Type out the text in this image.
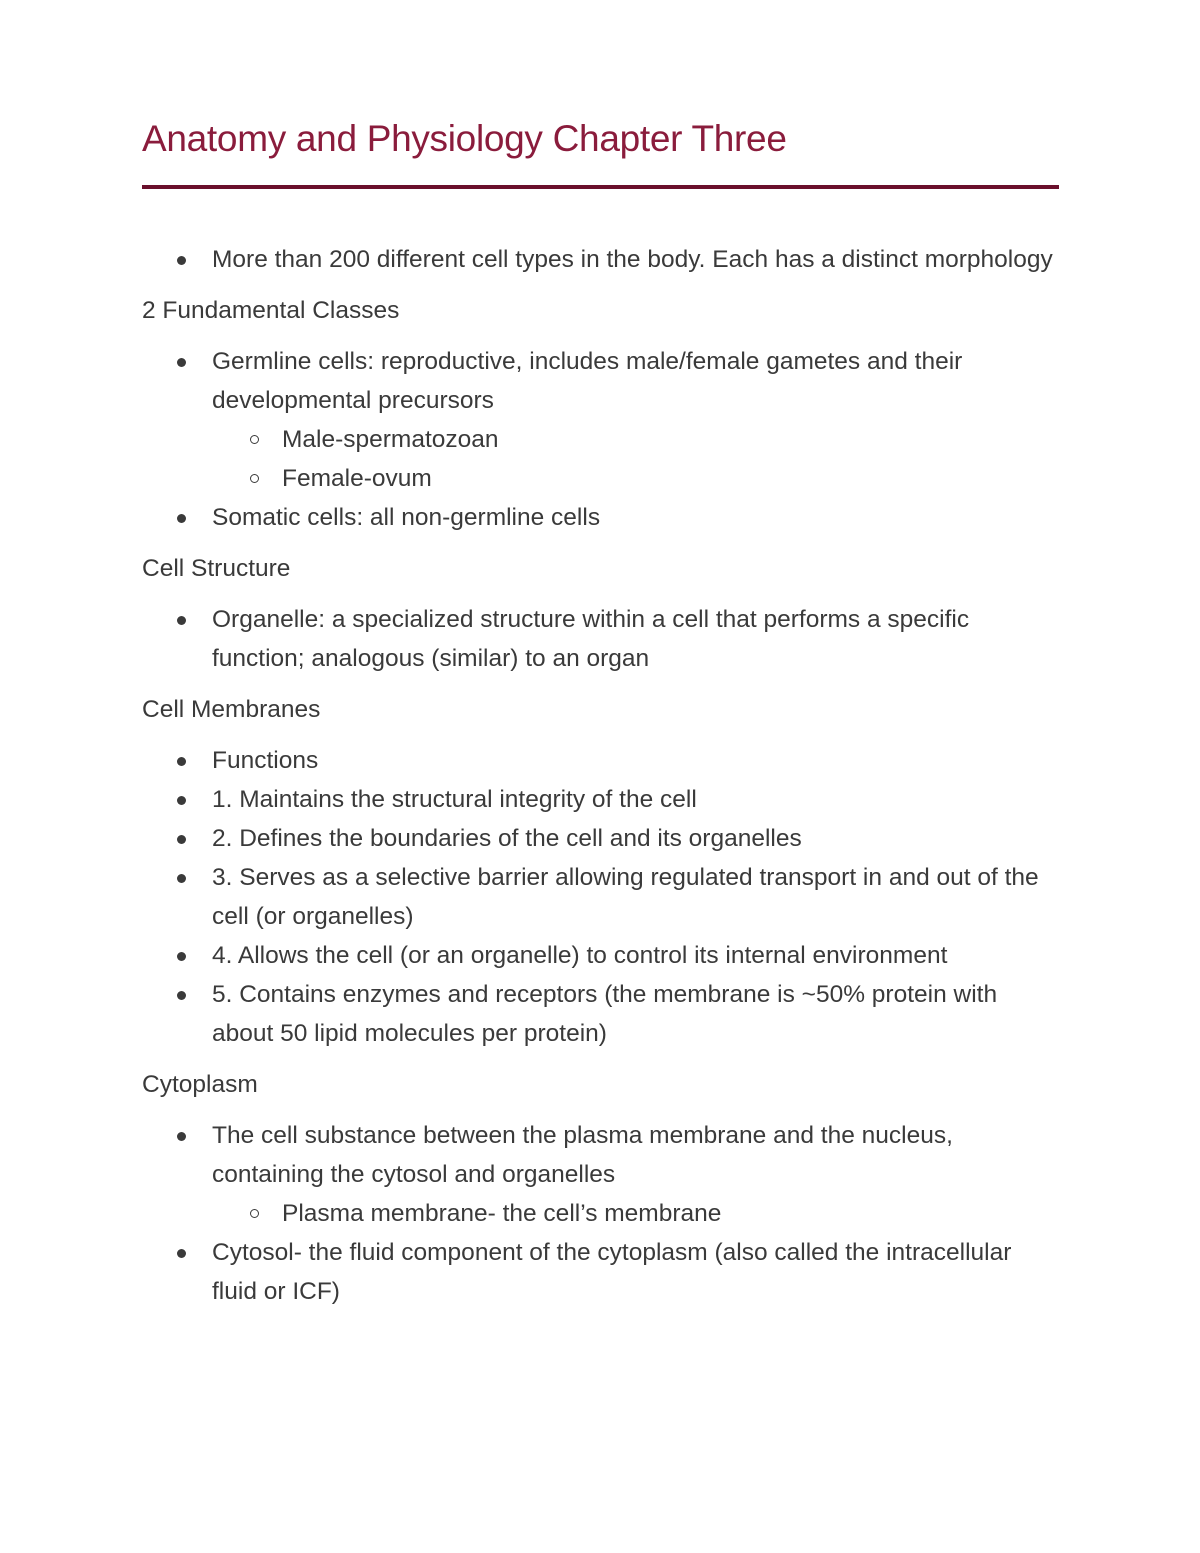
Anatomy and Physiology Chapter Three
More than 200 different cell types in the body. Each has a distinct morphology

2 Fundamental Classes

Germline cells: reproductive, includes male/female gametes and their developmental precursors
Male-spermatozoan
Female-ovum
Somatic cells: all non-germline cells

Cell Structure

Organelle: a specialized structure within a cell that performs a specific function; analogous (similar) to an organ

Cell Membranes

Functions
1. Maintains the structural integrity of the cell
2. Defines the boundaries of the cell and its organelles
3. Serves as a selective barrier allowing regulated transport in and out of the cell (or organelles)
4. Allows the cell (or an organelle) to control its internal environment
5. Contains enzymes and receptors (the membrane is ~50% protein with about 50 lipid molecules per protein)

Cytoplasm

The cell substance between the plasma membrane and the nucleus, containing the cytosol and organelles
Plasma membrane- the cell’s membrane
Cytosol- the fluid component of the cytoplasm (also called the intracellular fluid or ICF)
